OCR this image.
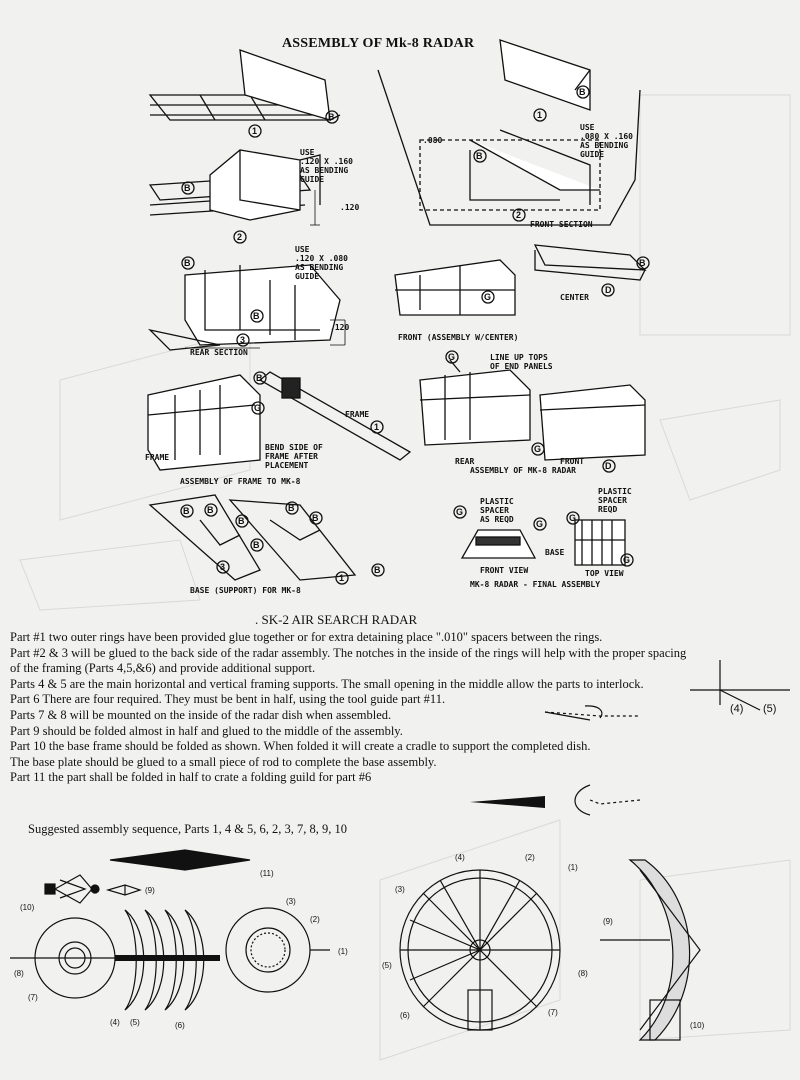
ASSEMBLY OF Mk-8 RADAR
1
B	1
B
B
2
B
2
B
B
3
B
D
G
B
G
1
G
G
D
B B
3
B
B
B
B
B
1
G
G
G
G
USE
.120 X .160
AS BENDING
GUIDE
.120
USE
.120 X .080
AS BENDING
GUIDE
.120
REAR SECTION
USE
.080 X .160
AS BENDING
GUIDE
.080
FRONT SECTION
CENTER
FRONT (ASSEMBLY W/CENTER)
FRAME
FRAME
BEND SIDE OF
FRAME AFTER
PLACEMENT
ASSEMBLY OF FRAME TO MK-8
LINE UP TOPS
OF END PANELS
REAR	FRONT
ASSEMBLY OF MK-8 RADAR
PLASTIC
SPACER
AS REQD
PLASTIC
SPACER
REQD
BASE
FRONT VIEW	TOP VIEW
MK-8 RADAR - FINAL ASSEMBLY
BASE (SUPPORT) FOR MK-8
. SK-2 AIR SEARCH RADAR

Part #1 two outer rings have been provided glue together or for extra detaining place ".010" spacers between the rings.

Part #2 & 3 will be glued to the back side of the radar assembly. The notches in the inside of the rings will help with the proper spacing of the framing (Parts 4,5,&6) and provide additional support.

Parts 4 & 5 are the main horizontal and vertical framing supports. The small opening in the middle allow the parts to interlock.

Part 6 There are four required. They must be bent in half, using the tool guide part #11.

Parts 7 & 8 will be mounted on the inside of the radar dish when assembled.

Part 9 should be folded almost in half and glued to the middle of the assembly.

Part 10 the base frame should be folded as shown. When folded it will create a cradle to support the completed dish.

The base plate should be glued to a small piece of rod to complete the base assembly.

Part 11 the part shall be folded in half to crate a folding guild for part #6

(4) (5)
Suggested assembly sequence, Parts 1, 4 & 5, 6, 2, 3, 7, 8, 9, 10
(11)
(10)
(9)
(8)
(7)
(4) (5)	(6)
(3)
(2)
(1)
(4)	(2)
(1)
(3)
(5)
(6)	(7)
(8)
(9)
(10)
